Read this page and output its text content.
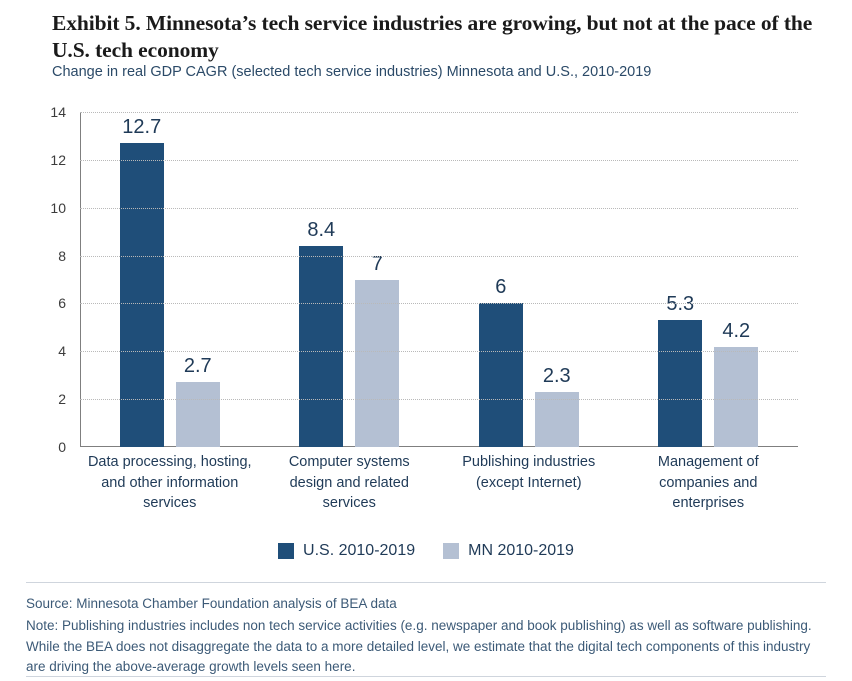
Exhibit 5. Minnesota’s tech service industries are growing, but not at the pace of the U.S. tech economy
Change in real GDP CAGR (selected tech service industries) Minnesota and U.S., 2010-2019
0
2
4
6
8
10
12
14
12.7
2.7
8.4
7
6
2.3
5.3
4.2
Data processing, hosting,
and other information
services
Computer systems
design and related
services
Publishing industries
(except Internet)
Management of
companies and
enterprises
U.S. 2010-2019	MN 2010-2019
Source: Minnesota Chamber Foundation analysis of BEA data
Note: Publishing industries includes non tech service activities (e.g. newspaper and book publishing) as well as software publishing. While the BEA does not disaggregate the data to a more detailed level, we estimate that the digital tech components of this industry are driving the above-average growth levels seen here.
